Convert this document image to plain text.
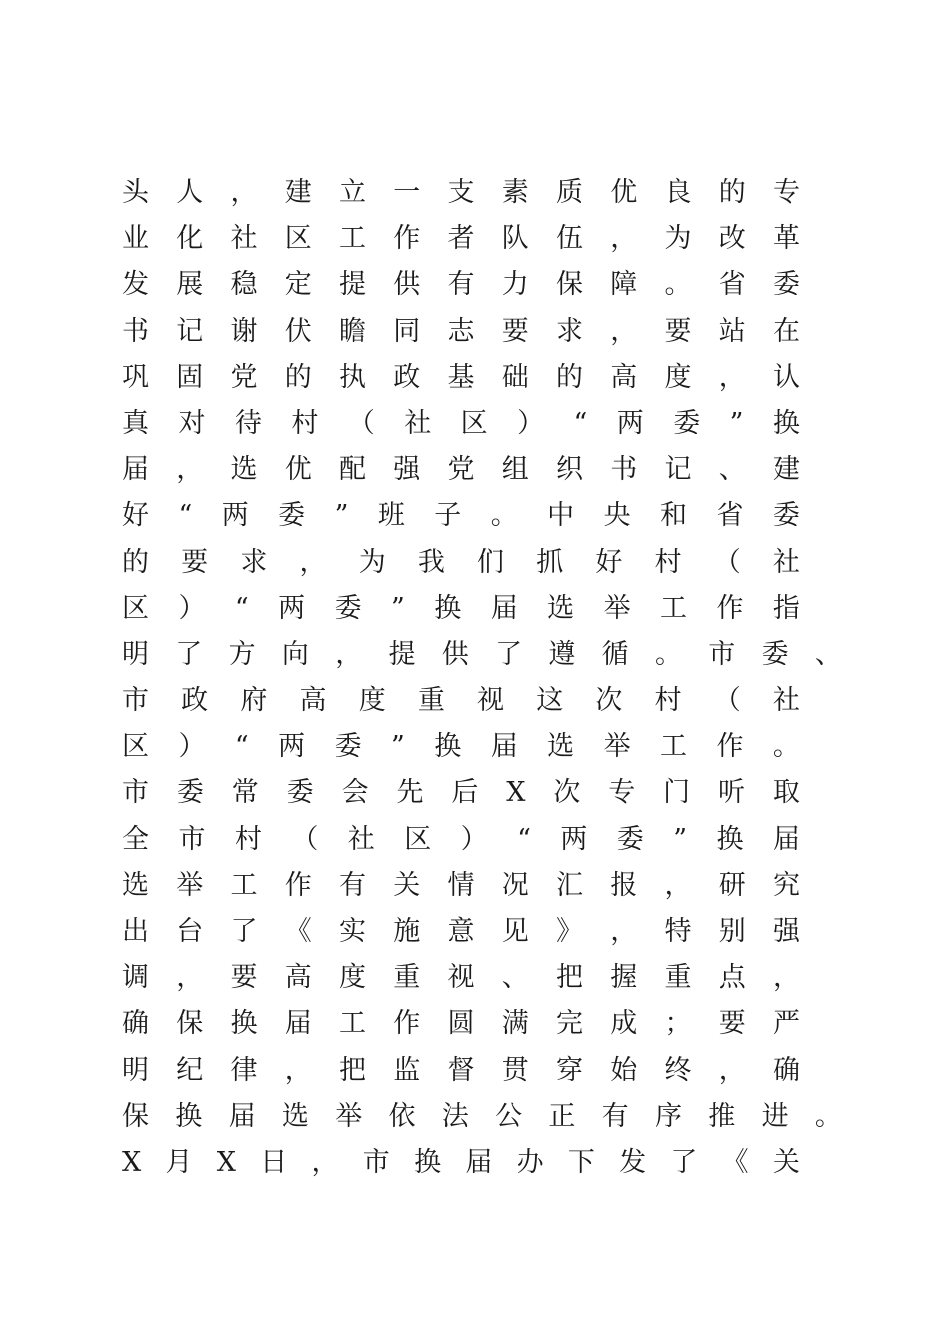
头 人 ， 建 立 一 支 素 质 优 良 的 专
业 化 社 区 工 作 者 队 伍 ， 为 改 革
发 展 稳 定 提 供 有 力 保 障 。 省 委
书 记 谢 伏 瞻 同 志 要 求 ， 要 站 在
巩 固 党 的 执 政 基 础 的 高 度 ， 认
真 对 待 村 （ 社 区 ） “ 两 委 ” 换
届 ， 选 优 配 强 党 组 织 书 记 、 建
好 “ 两 委 ” 班 子 。 中 央 和 省 委
的 要 求 ， 为 我 们 抓 好 村 （ 社
区 ） “ 两 委 ” 换 届 选 举 工 作 指
明 了 方 向 ， 提 供 了 遵 循 。 市 委 、
市 政 府 高 度 重 视 这 次 村 （ 社
区 ） “ 两 委 ” 换 届 选 举 工 作 。
市 委 常 委 会 先 后 X 次 专 门 听 取
全 市 村 （ 社 区 ） “ 两 委 ” 换 届
选 举 工 作 有 关 情 况 汇 报 ， 研 究
出 台 了 《 实 施 意 见 》 ， 特 别 强
调 ， 要 高 度 重 视 、 把 握 重 点 ，
确 保 换 届 工 作 圆 满 完 成 ； 要 严
明 纪 律 ， 把 监 督 贯 穿 始 终 ， 确
保 换 届 选 举 依 法 公 正 有 序 推 进 。
X 月 X 日 ， 市 换 届 办 下 发 了 《 关
